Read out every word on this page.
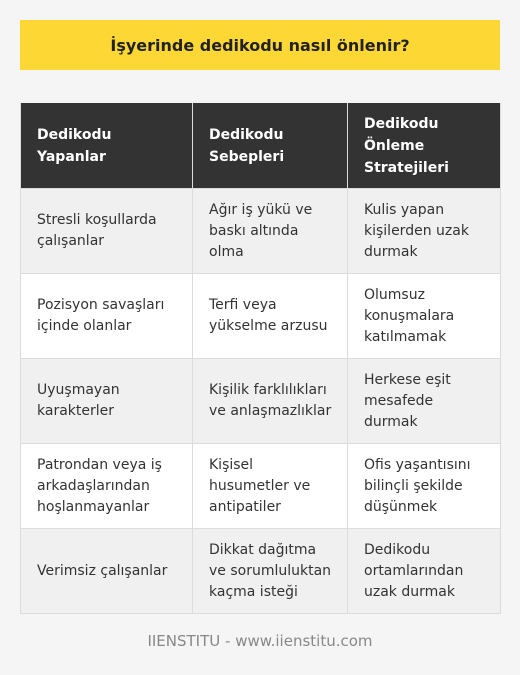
İşyerinde dedikodu nasıl önlenir?
Dedikodu Yapanlar	Dedikodu Sebepleri	Dedikodu Önleme Stratejileri
Stresli koşullarda çalışanlar	Ağır iş yükü ve baskı altında olma	Kulis yapan kişilerden uzak durmak
Pozisyon savaşları içinde olanlar	Terfi veya yükselme arzusu	Olumsuz konuşmalara katılmamak
Uyuşmayan karakterler	Kişilik farklılıkları ve anlaşmazlıklar	Herkese eşit mesafede durmak
Patrondan veya iş arkadaşlarından hoşlanmayanlar	Kişisel husumetler ve antipatiler	Ofis yaşantısını bilinçli şekilde düşünmek
Verimsiz çalışanlar	Dikkat dağıtma ve sorumluluktan kaçma isteği	Dedikodu ortamlarından uzak durmak
IIENSTITU - www.iienstitu.com
